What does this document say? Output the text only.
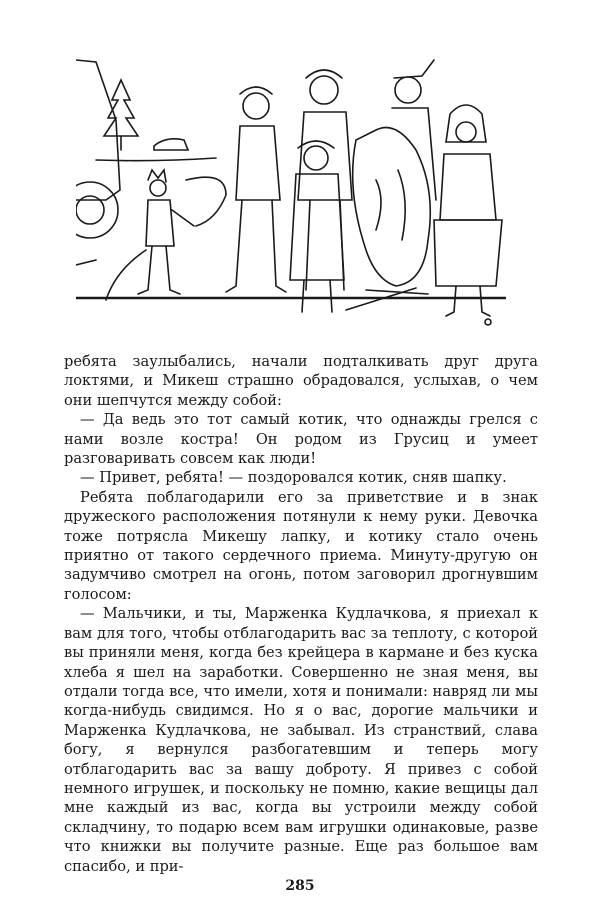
ребята заулыбались, начали подталкивать друг друга локтями, и Микеш страшно обрадовался, услыхав, о чем они шепчутся между собой:

— Да ведь это тот самый котик, что однажды грелся с нами возле костра! Он родом из Грусиц и умеет разговаривать совсем как люди!

— Привет, ребята! — поздоровался котик, сняв шапку.

Ребята поблагодарили его за приветствие и в знак дружеского расположения потянули к нему руки. Девочка тоже потрясла Микешу лапку, и котику стало очень приятно от такого сердечного приема. Минуту-другую он задумчиво смотрел на огонь, потом заговорил дрогнувшим голосом:

— Мальчики, и ты, Марженка Кудлачкова, я приехал к вам для того, чтобы отблагодарить вас за теплоту, с которой вы приняли меня, когда без крейцера в кармане и без куска хлеба я шел на заработки. Совершенно не зная меня, вы отдали тогда все, что имели, хотя и понимали: навряд ли мы когда-нибудь свидимся. Но я о вас, дорогие мальчики и Марженка Кудлачкова, не забывал. Из странствий, слава богу, я вернулся разбогатевшим и теперь могу отблагодарить вас за вашу доброту. Я привез с собой немного игрушек, и поскольку не помню, какие вещицы дал мне каждый из вас, когда вы устроили между собой складчину, то подарю всем вам игрушки одинаковые, разве что книжки вы получите разные. Еще раз большое вам спасибо, и при-

285
